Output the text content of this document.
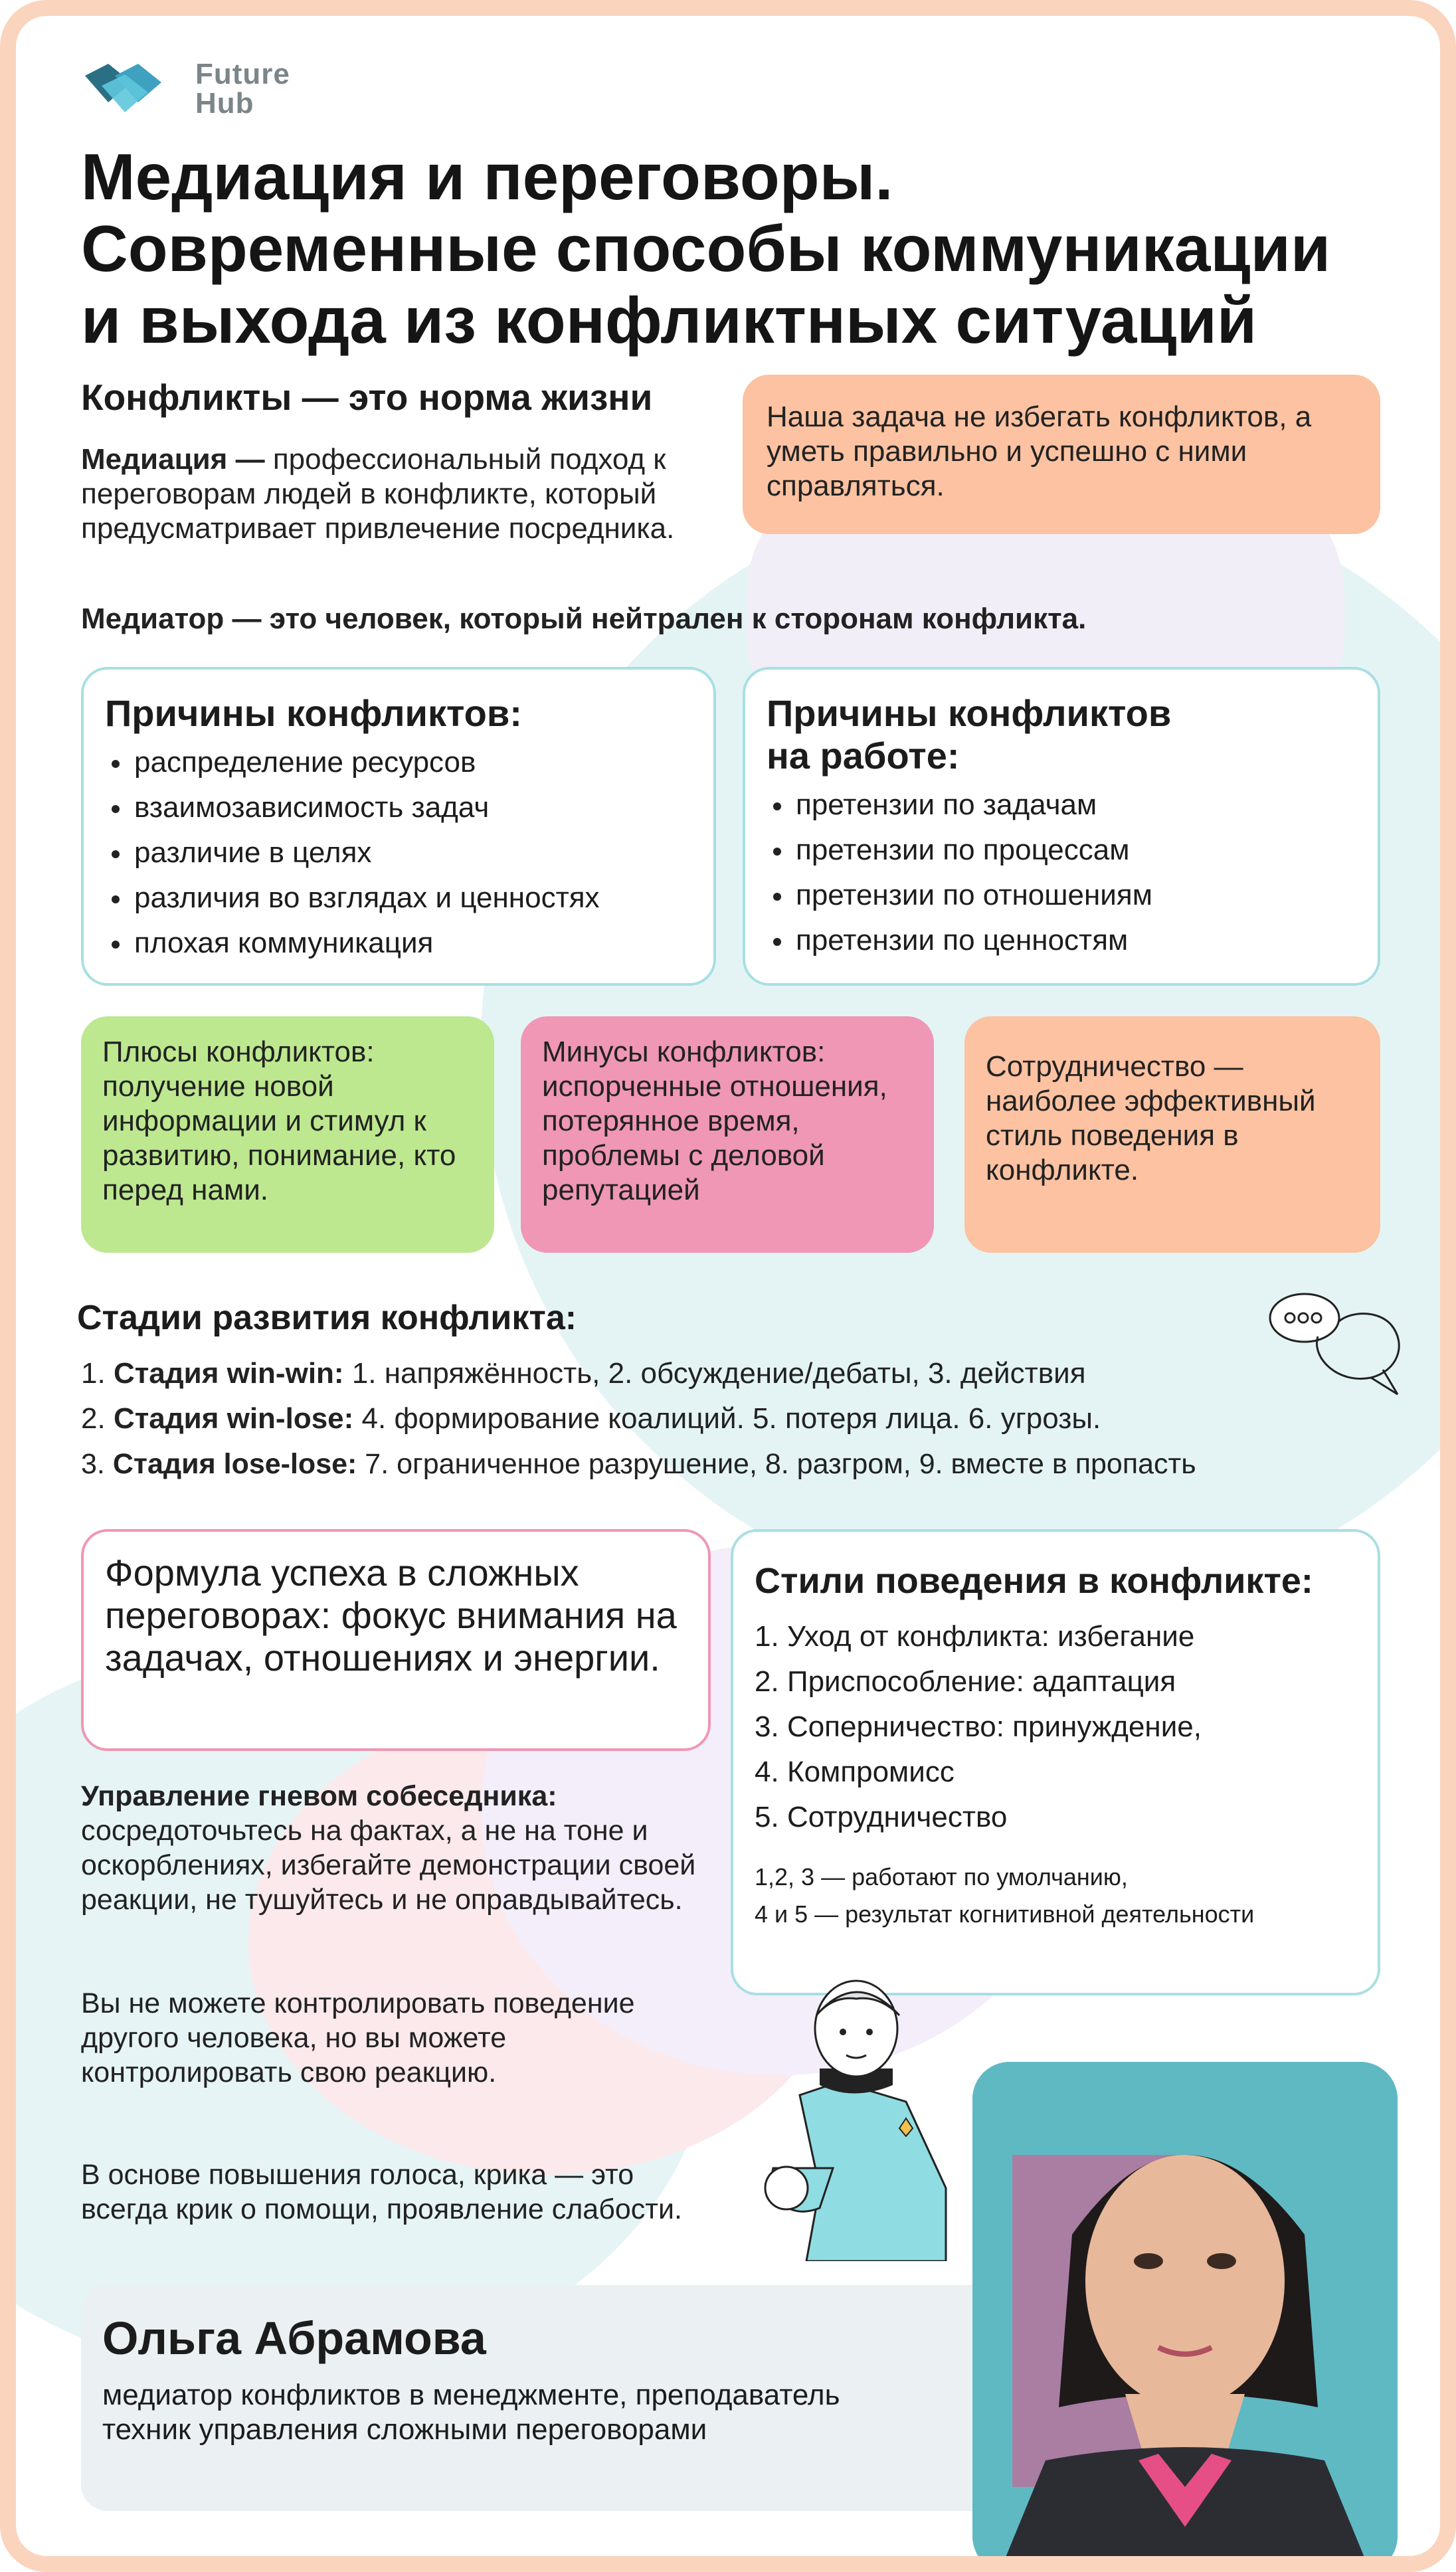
Future
Hub
Медиация и переговоры.
Современные способы коммуникации
и выхода из конфликтных ситуаций
Конфликты — это норма жизни
Медиация — профессиональный подход к переговорам людей в конфликте, который предусматривает привлечение посредника.
Медиатор — это человек, который нейтрален к сторонам конфликта.
Наша задача не избегать конфликтов, а уметь правильно и успешно с ними справляться.
Причины конфликтов:
распределение ресурсов
взаимозависимость задач
различие в целях
различия во взглядах и ценностях
плохая коммуникация
Причины конфликтов
на работе:
претензии по задачам
претензии по процессам
претензии по отношениям
претензии по ценностям
Плюсы конфликтов: получение новой информации и стимул к развитию, понимание, кто перед нами.
Минусы конфликтов: испорченные отношения, потерянное время, проблемы с деловой репутацией
Сотрудничество — наиболее эффективный стиль поведения в конфликте.
Стадии развития конфликта:
1. Стадия win-win: 1. напряжённость, 2. обсуждение/дебаты, 3. действия
2. Стадия win-lose: 4. формирование коалиций. 5. потеря лица. 6. угрозы.
3. Стадия lose-lose: 7. ограниченное разрушение, 8. разгром, 9. вместе в пропасть
Формула успеха в сложных переговорах: фокус внимания на задачах, отношениях и энергии.
Управление гневом собеседника:
сосредоточьтесь на фактах, а не на тоне и оскорблениях, избегайте демонстрации своей реакции, не тушуйтесь и не оправдывайтесь.
Вы не можете контролировать поведение другого человека, но вы можете контролировать свою реакцию.
В основе повышения голоса, крика — это всегда крик о помощи, проявление слабости.
Стили поведения в конфликте:
1. Уход от конфликта: избегание
2. Приспособление: адаптация
3. Соперничество: принуждение,
4. Компромисс
5. Сотрудничество
1,2, 3 — работают по умолчанию,
4 и 5 — результат когнитивной деятельности
Ольга Абрамова
медиатор конфликтов в менеджменте, преподаватель техник управления сложными переговорами
